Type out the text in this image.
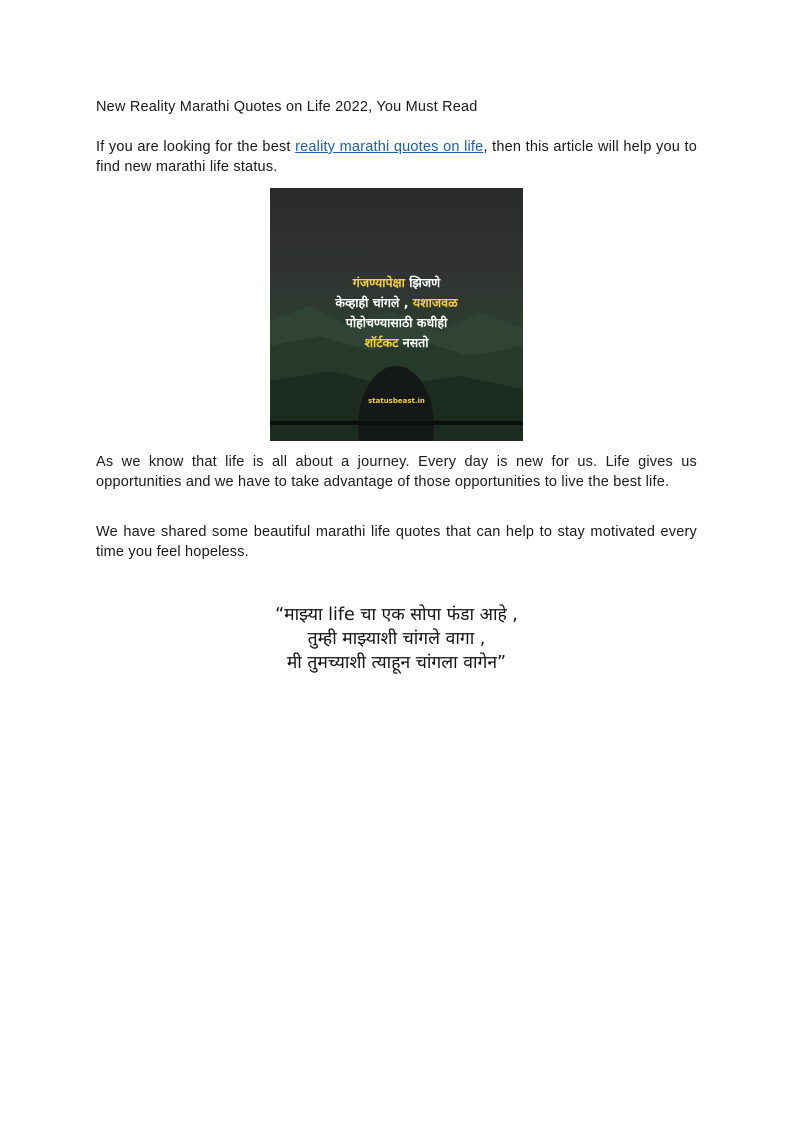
New Reality Marathi Quotes on Life 2022, You Must Read

If you are looking for the best reality marathi quotes on life, then this article will help you to find new marathi life status.

गंजण्यापेक्षा झिजणे
केव्हाही चांगले , यशाजवळ
पोहोचण्यासाठी कधीही
शॉर्टकट नसतो
statusbeast.in

As we know that life is all about a journey. Every day is new for us. Life gives us opportunities and we have to take advantage of those opportunities to live the best life.

We have shared some beautiful marathi life quotes that can help to stay motivated every time you feel hopeless.

“माझ्या life चा एक सोपा फंडा आहे ,
तुम्ही माझ्याशी चांगले वागा ,
मी तुमच्याशी त्याहून चांगला वागेन”
